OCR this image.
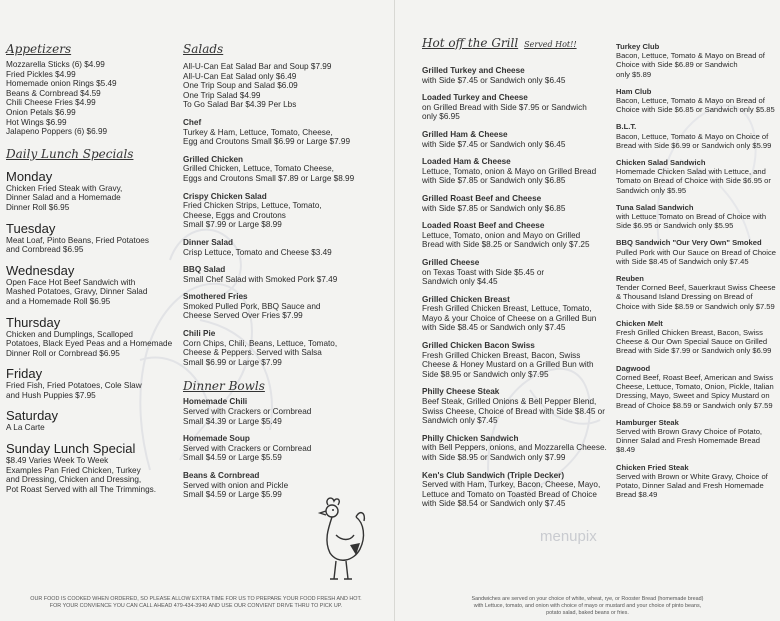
Appetizers
Mozzarella Sticks (6) $4.99
Fried Pickles $4.99
Homemade onion Rings $5.49
Beans & Cornbread $4.59
Chili Cheese Fries $4.99
Onion Petals $6.99
Hot Wings $6.99
Jalapeno Poppers (6) $6.99
Daily Lunch Specials
Monday
Chicken Fried Steak with Gravy,
Dinner Salad and a Homemade
Dinner Roll $6.95
Tuesday
Meat Loaf, Pinto Beans, Fried Potatoes
and Cornbread $6.95
Wednesday
Open Face Hot Beef Sandwich with
Mashed Potatoes, Gravy, Dinner Salad
and a Homemade Roll $6.95
Thursday
Chicken and Dumplings, Scalloped
Potatoes, Black Eyed Peas and a Homemade
Dinner Roll or Cornbread $6.95
Friday
Fried Fish, Fried Potatoes, Cole Slaw
and Hush Puppies $7.95
Saturday
A La Carte
Sunday Lunch Special
$8.49 Varies Week To Week
Examples Pan Fried Chicken, Turkey
and Dressing, Chicken and Dressing,
Pot Roast Served with all The Trimmings.
Salads
All-U-Can Eat Salad Bar and Soup $7.99
All-U-Can Eat Salad only $6.49
One Trip Soup and Salad $6.09
One Trip Salad $4.99
To Go Salad Bar $4.39 Per Lbs
Chef
Turkey & Ham, Lettuce, Tomato, Cheese,
Egg and Croutons Small $6.99 or Large $7.99
Grilled Chicken
Grilled Chicken, Lettuce, Tomato Cheese,
Eggs and Croutons Small $7.89 or Large $8.99
Crispy Chicken Salad
Fried Chicken Strips, Lettuce, Tomato,
Cheese, Eggs and Croutons
Small $7.99 or Large $8.99
Dinner Salad
Crisp Lettuce, Tomato and Cheese $3.49
BBQ Salad
Small Chef Salad with Smoked Pork $7.49
Smothered Fries
Smoked Pulled Pork, BBQ Sauce and
Cheese Served Over Fries $7.99
Chili Pie
Corn Chips, Chili, Beans, Lettuce, Tomato,
Cheese & Peppers. Served with Salsa
Small $6.99 or Large $7.99
Dinner Bowls
Homemade Chili
Served with Crackers or Cornbread
Small $4.39 or Large $5.49
Homemade Soup
Served with Crackers or Cornbread
Small $4.59 or Large $5.59
Beans & Cornbread
Served with onion and Pickle
Small $4.59 or Large $5.99
Hot off the Grill Served Hot!!
Grilled Turkey and Cheese
with Side $7.45 or Sandwich only $6.45
Loaded Turkey and Cheese
on Grilled Bread with Side $7.95 or Sandwich
only $6.95
Grilled Ham & Cheese
with Side $7.45 or Sandwich only $6.45
Loaded Ham & Cheese
Lettuce, Tomato, onion & Mayo on Grilled Bread
with Side $7.85 or Sandwich only $6.85
Grilled Roast Beef and Cheese
with Side $7.85 or Sandwich only $6.85
Loaded Roast Beef and Cheese
Lettuce, Tomato, onion and Mayo on Grilled
Bread with Side $8.25 or Sandwich only $7.25
Grilled Cheese
on Texas Toast with Side $5.45 or
Sandwich only $4.45
Grilled Chicken Breast
Fresh Grilled Chicken Breast, Lettuce, Tomato,
Mayo & your Choice of Cheese on a Grilled Bun
with Side $8.45 or Sandwich only $7.45
Grilled Chicken Bacon Swiss
Fresh Grilled Chicken Breast, Bacon, Swiss
Cheese & Honey Mustard on a Grilled Bun with
Side $8.95 or Sandwich only $7.95
Philly Cheese Steak
Beef Steak, Grilled Onions & Bell Pepper Blend,
Swiss Cheese, Choice of Bread with Side $8.45 or
Sandwich only $7.45
Philly Chicken Sandwich
with Bell Peppers, onions, and Mozzarella Cheese.
with Side $8.95 or Sandwich only $7.99
Ken's Club Sandwich (Triple Decker)
Served with Ham, Turkey, Bacon, Cheese, Mayo,
Lettuce and Tomato on Toasted Bread of Choice
with Side $8.54 or Sandwich only $7.45
Turkey Club
Bacon, Lettuce, Tomato & Mayo on Bread of
Choice with Side $6.89 or Sandwich
only $5.89
Ham Club
Bacon, Lettuce, Tomato & Mayo on Bread of
Choice with Side $6.85 or Sandwich only $5.85
B.L.T.
Bacon, Lettuce, Tomato & Mayo on Choice of
Bread with Side $6.99 or Sandwich only $5.99
Chicken Salad Sandwich
Homemade Chicken Salad with Lettuce, and
Tomato on Bread of Choice with Side $6.95 or
Sandwich only $5.95
Tuna Salad Sandwich
with Lettuce Tomato on Bread of Choice with
Side $6.95 or Sandwich only $5.95
BBQ Sandwich "Our Very Own" Smoked
Pulled Pork with Our Sauce on Bread of Choice
with Side $8.45 of Sandwich only $7.45
Reuben
Tender Corned Beef, Sauerkraut Swiss Cheese
& Thousand Island Dressing on Bread of
Choice with Side $8.59 or Sandwich only $7.59
Chicken Melt
Fresh Grilled Chicken Breast, Bacon, Swiss
Cheese & Our Own Special Sauce on Grilled
Bread with Side $7.99 or Sandwich only $6.99
Dagwood
Corned Beef, Roast Beef, American and Swiss
Cheese, Lettuce, Tomato, Onion, Pickle, Italian
Dressing, Mayo, Sweet and Spicy Mustard on
Bread of Choice $8.59 or Sandwich only $7.59
Hamburger Steak
Served with Brown Gravy Choice of Potato,
Dinner Salad and Fresh Homemade Bread
$8.49
Chicken Fried Steak
Served with Brown or White Gravy, Choice of
Potato, Dinner Salad and Fresh Homemade
Bread $8.49
menupix
OUR FOOD IS COOKED WHEN ORDERED, SO PLEASE ALLOW EXTRA TIME FOR US TO PREPARE YOUR FOOD FRESH AND HOT.
FOR YOUR CONVIENCE YOU CAN CALL AHEAD 479-434-3940 AND USE OUR CONVIENT DRIVE THRU TO PICK UP.
Sandwiches are served on your choice of white, wheat, rye, or Rooster Bread (homemade bread)
with Lettuce, tomato, and onion with choice of mayo or mustard and your choice of pinto beans,
potato salad, baked beans or fries.
